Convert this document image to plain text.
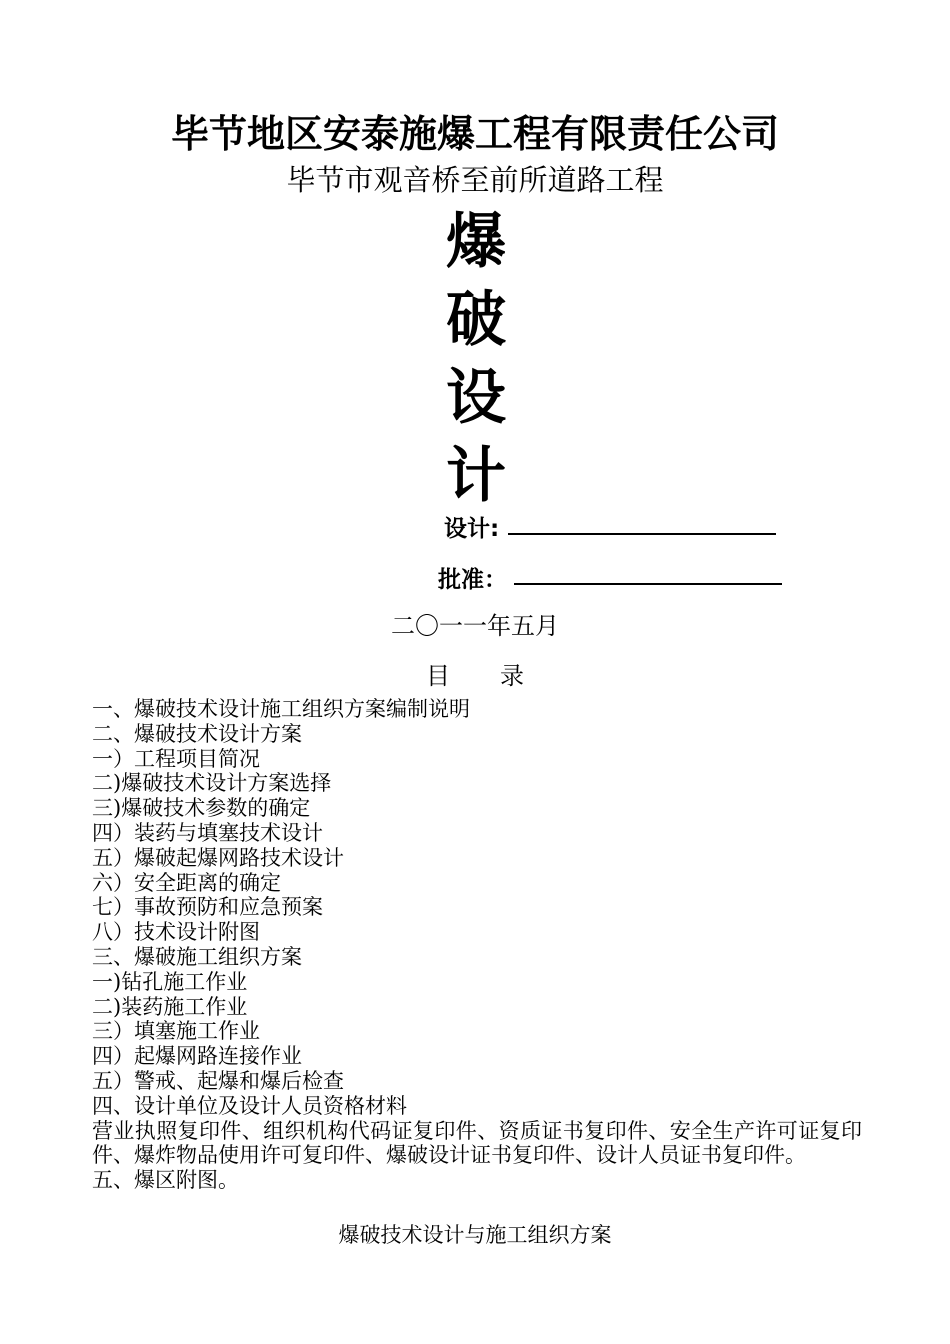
毕节地区安泰施爆工程有限责任公司
毕节市观音桥至前所道路工程
爆
破
设
计
设计:
批准：
二〇一一年五月
目 录
一、爆破技术设计施工组织方案编制说明
二、爆破技术设计方案
一）工程项目简况
二)爆破技术设计方案选择
三)爆破技术参数的确定
四）装药与填塞技术设计
五）爆破起爆网路技术设计
六）安全距离的确定
七）事故预防和应急预案
八）技术设计附图
三、爆破施工组织方案
一)钻孔施工作业
二)装药施工作业
三）填塞施工作业
四）起爆网路连接作业
五）警戒、起爆和爆后检查
四、设计单位及设计人员资格材料
营业执照复印件、组织机构代码证复印件、资质证书复印件、安全生产许可证复印件、爆炸物品使用许可复印件、爆破设计证书复印件、设计人员证书复印件。
五、爆区附图。
爆破技术设计与施工组织方案
